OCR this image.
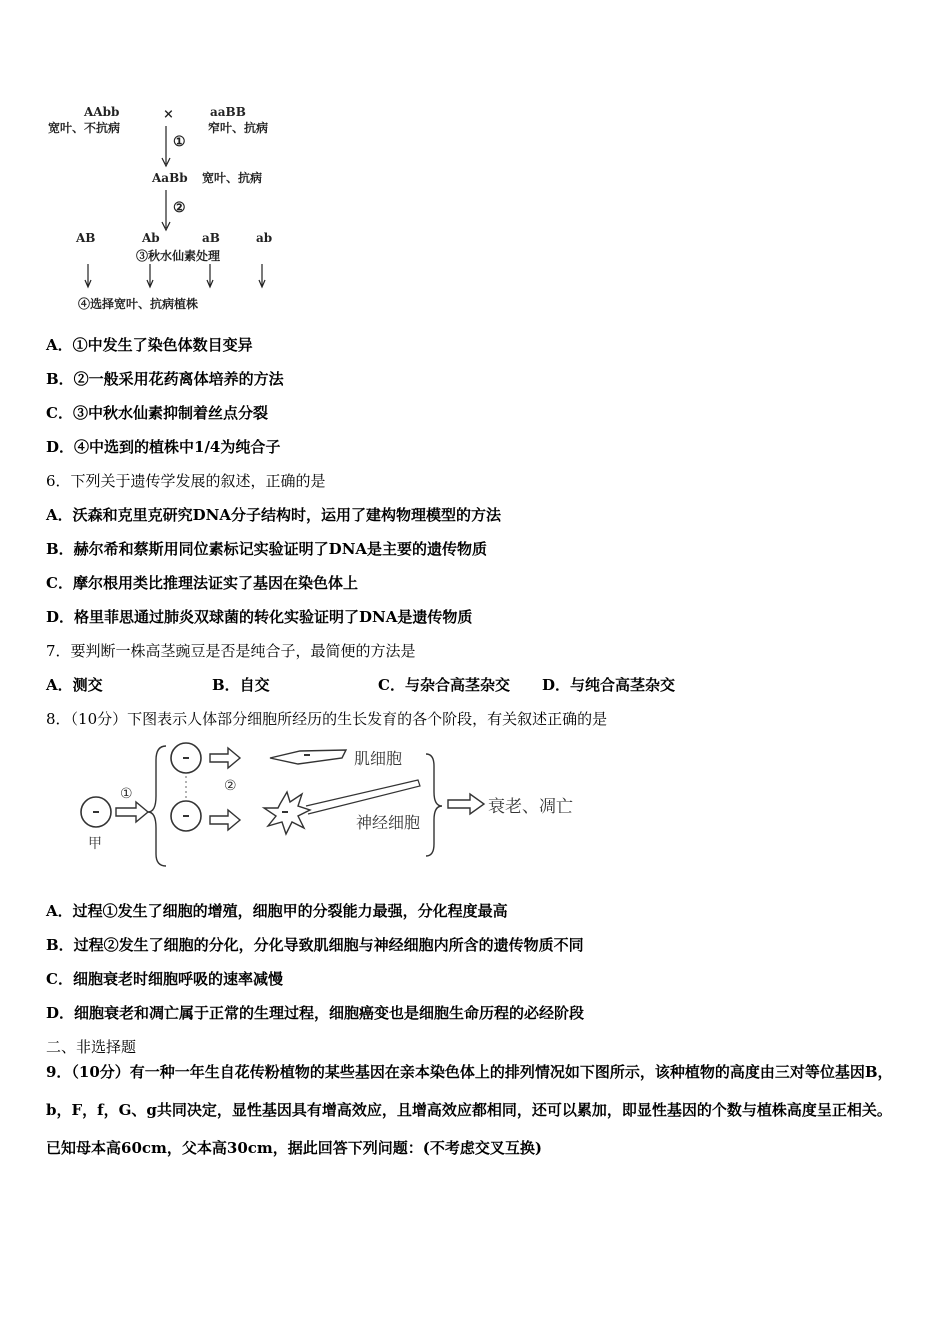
AAbb	×	aaBB
宽叶、不抗病	窄叶、抗病
①
AaBb 宽叶、抗病
②
AB	Ab	aB	ab
③秋水仙素处理
④选择宽叶、抗病植株
A．①中发生了染色体数目变异
B．②一般采用花药离体培养的方法
C．③中秋水仙素抑制着丝点分裂
D．④中选到的植株中1/4为纯合子
6．下列关于遗传学发展的叙述，正确的是
A．沃森和克里克研究DNA分子结构时，运用了建构物理模型的方法
B．赫尔希和蔡斯用同位素标记实验证明了DNA是主要的遗传物质
C．摩尔根用类比推理法证实了基因在染色体上
D．格里菲思通过肺炎双球菌的转化实验证明了DNA是遗传物质
7．要判断一株高茎豌豆是否是纯合子，最简便的方法是
A．测交	B．自交	C．与杂合高茎杂交 D．与纯合高茎杂交
8．（10分）下图表示人体部分细胞所经历的生长发育的各个阶段，有关叙述正确的是
甲
①	②
肌细胞
神经细胞
衰老、凋亡
A．过程①发生了细胞的增殖，细胞甲的分裂能力最强，分化程度最高
B．过程②发生了细胞的分化，分化导致肌细胞与神经细胞内所含的遗传物质不同
C．细胞衰老时细胞呼吸的速率减慢
D．细胞衰老和凋亡属于正常的生理过程，细胞癌变也是细胞生命历程的必经阶段
二、非选择题
9．（10分）有一种一年生自花传粉植物的某些基因在亲本染色体上的排列情况如下图所示，该种植物的高度由三对等位基因B，b，F，f，G、g共同决定，显性基因具有增高效应，且增高效应都相同，还可以累加，即显性基因的个数与植株高度呈正相关。已知母本高60cm，父本高30cm，据此回答下列问题：(不考虑交叉互换)
